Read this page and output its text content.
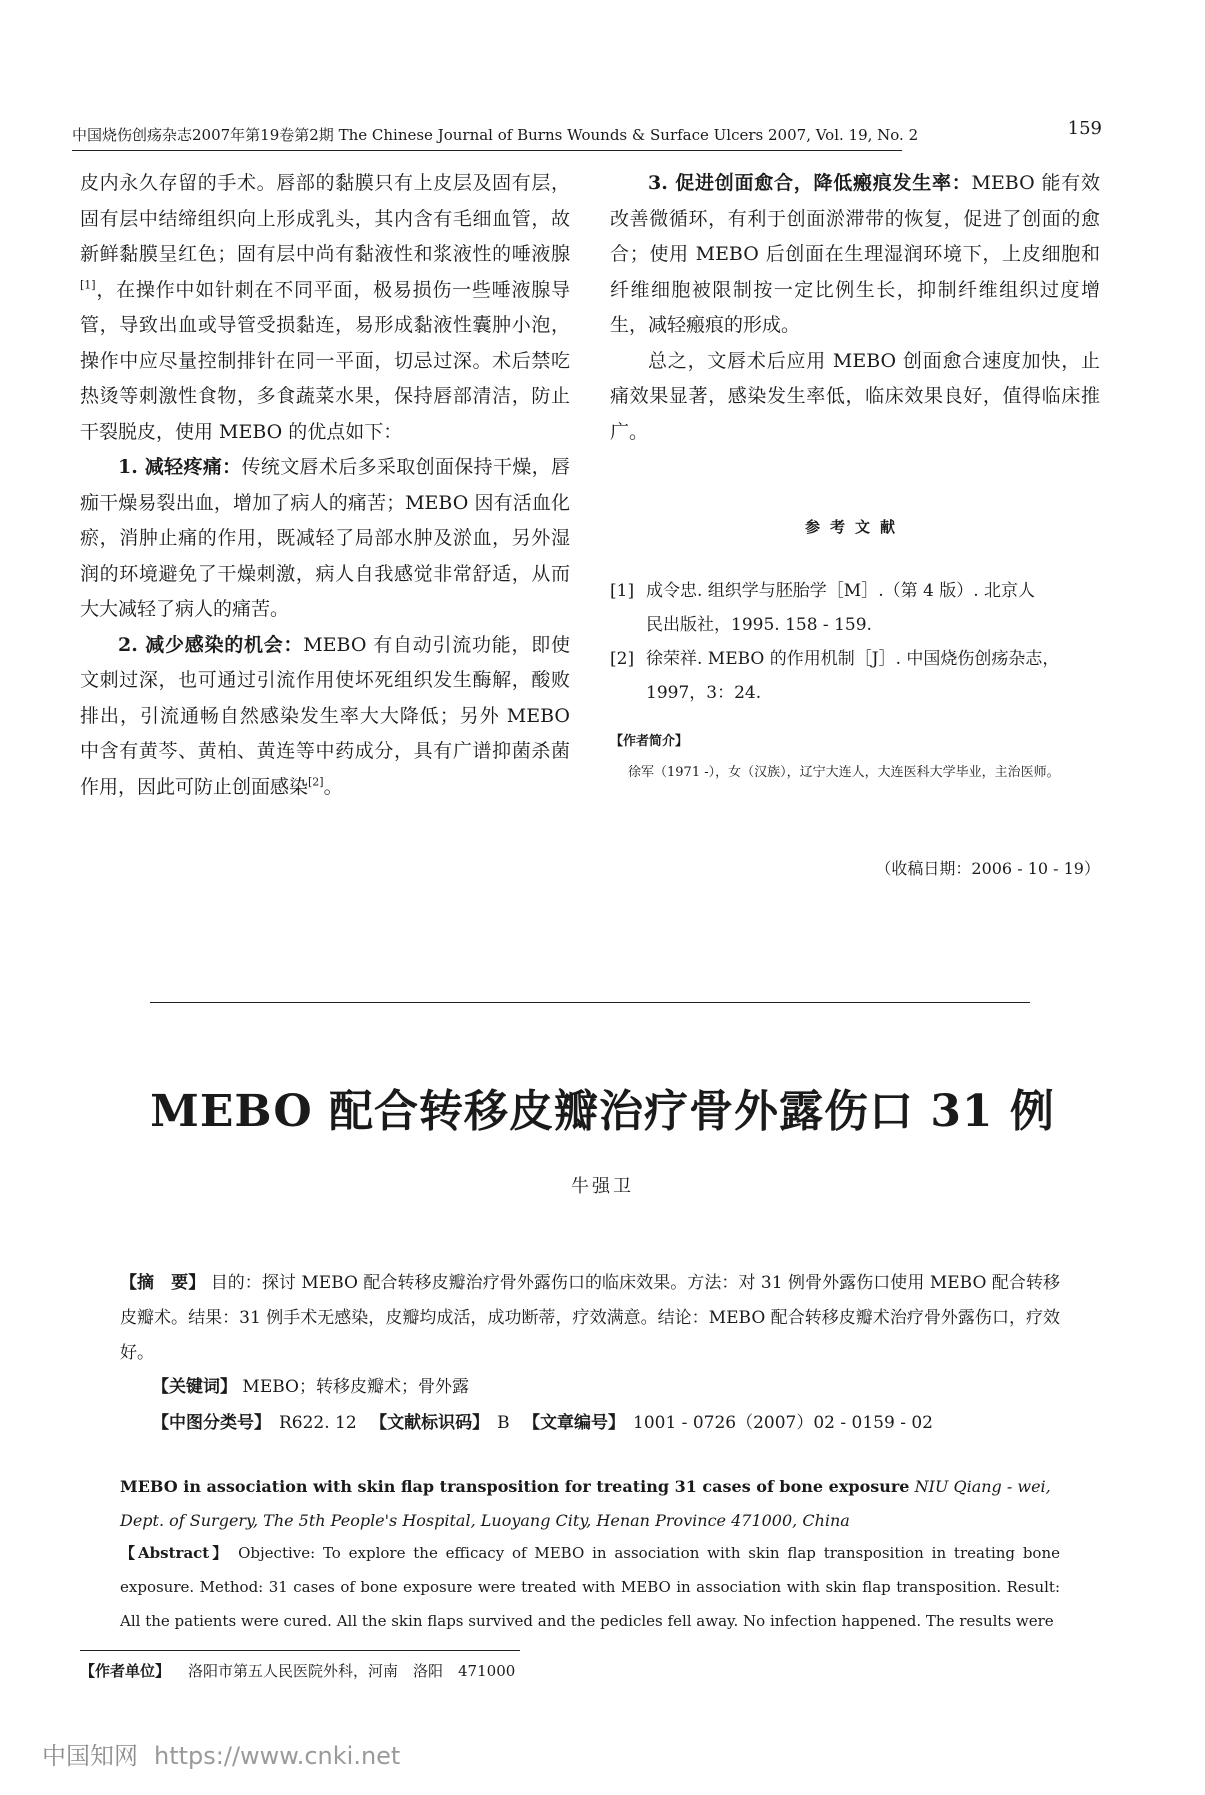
中国烧伤创疡杂志2007年第19卷第2期 The Chinese Journal of Burns Wounds & Surface Ulcers 2007, Vol. 19, No. 2	159

皮内永久存留的手术。唇部的黏膜只有上皮层及固有层，固有层中结缔组织向上形成乳头，其内含有毛细血管，故新鲜黏膜呈红色；固有层中尚有黏液性和浆液性的唾液腺[1]，在操作中如针刺在不同平面，极易损伤一些唾液腺导管，导致出血或导管受损黏连，易形成黏液性囊肿小泡，操作中应尽量控制排针在同一平面，切忌过深。术后禁吃热烫等刺激性食物，多食蔬菜水果，保持唇部清洁，防止干裂脱皮，使用 MEBO 的优点如下：

1. 减轻疼痛：传统文唇术后多采取创面保持干燥，唇痂干燥易裂出血，增加了病人的痛苦；MEBO 因有活血化瘀，消肿止痛的作用，既减轻了局部水肿及淤血，另外湿润的环境避免了干燥刺激，病人自我感觉非常舒适，从而大大减轻了病人的痛苦。

2. 减少感染的机会：MEBO 有自动引流功能，即使文刺过深，也可通过引流作用使坏死组织发生酶解，酸败排出，引流通畅自然感染发生率大大降低；另外 MEBO 中含有黄芩、黄柏、黄连等中药成分，具有广谱抑菌杀菌作用，因此可防止创面感染[2]。

3. 促进创面愈合，降低瘢痕发生率：MEBO 能有效改善微循环，有利于创面淤滞带的恢复，促进了创面的愈合；使用 MEBO 后创面在生理湿润环境下，上皮细胞和纤维细胞被限制按一定比例生长，抑制纤维组织过度增生，减轻瘢痕的形成。

总之，文唇术后应用 MEBO 创面愈合速度加快，止痛效果显著，感染发生率低，临床效果良好，值得临床推广。

参考文献
[1] 成令忠. 组织学与胚胎学［M］.（第 4 版）. 北京人
民出版社，1995. 158 - 159.
[2] 徐荣祥. MEBO 的作用机制［J］. 中国烧伤创疡杂志，
1997，3：24.
【作者简介】
徐军（1971 -），女（汉族），辽宁大连人，大连医科大学毕业，主治医师。
（收稿日期：2006 - 10 - 19）
MEBO 配合转移皮瓣治疗骨外露伤口 31 例
牛强卫
【摘　要】 目的：探讨 MEBO 配合转移皮瓣治疗骨外露伤口的临床效果。方法：对 31 例骨外露伤口使用 MEBO 配合转移皮瓣术。结果：31 例手术无感染，皮瓣均成活，成功断蒂，疗效满意。结论：MEBO 配合转移皮瓣术治疗骨外露伤口，疗效好。
【关键词】 MEBO；转移皮瓣术；骨外露
【中图分类号】 R622. 12 【文献标识码】 B 【文章编号】 1001 - 0726（2007）02 - 0159 - 02
MEBO in association with skin flap transposition for treating 31 cases of bone exposure NIU Qiang - wei, Dept. of Surgery, The 5th People's Hospital, Luoyang City, Henan Province 471000, China
【Abstract】 Objective: To explore the efficacy of MEBO in association with skin flap transposition in treating bone exposure. Method: 31 cases of bone exposure were treated with MEBO in association with skin flap transposition. Result: All the patients were cured. All the skin flaps survived and the pedicles fell away. No infection happened. The results were
【作者单位】 洛阳市第五人民医院外科，河南　洛阳　471000
中国知网 https://www.cnki.net
